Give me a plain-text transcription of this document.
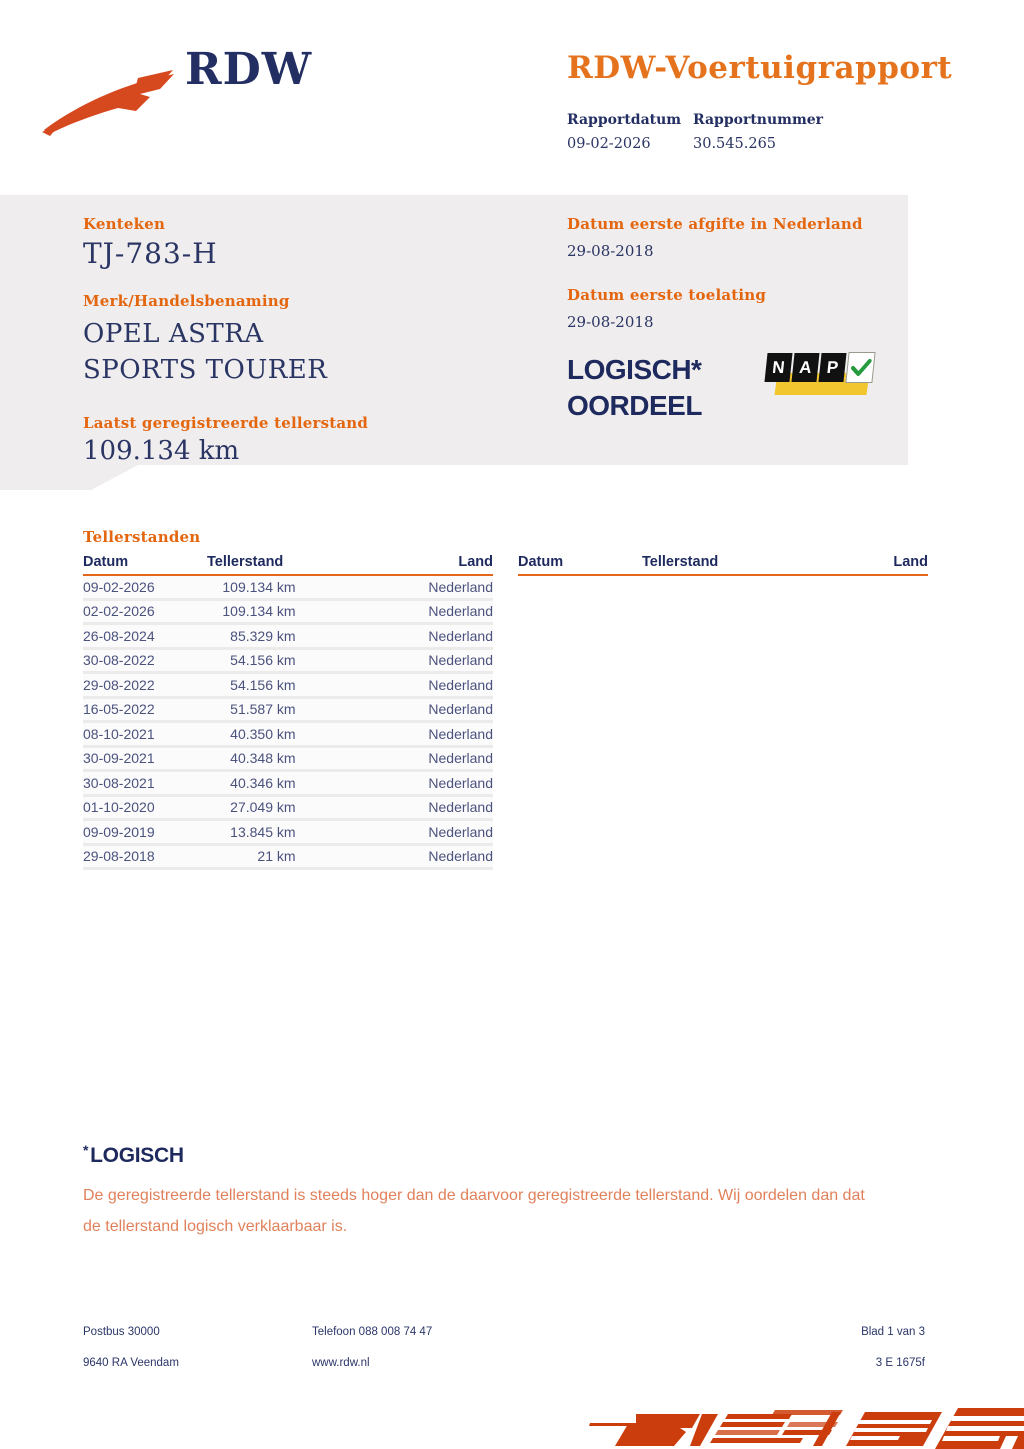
RDW	RDW-Voertuigrapport
Rapportdatum
09-02-2026
Rapportnummer
30.545.265
Kenteken
TJ-783-H
Merk/Handelsbenaming
OPEL ASTRA
SPORTS TOURER
Laatst geregistreerde tellerstand
109.134 km
Datum eerste afgifte in Nederland
29-08-2018
Datum eerste toelating
29-08-2018
LOGISCH*
OORDEEL
N A P
Tellerstanden
Datum	Tellerstand	Land
09-02-2026	109.134 km	Nederland
02-02-2026	109.134 km	Nederland
26-08-2024	85.329 km	Nederland
30-08-2022	54.156 km	Nederland
29-08-2022	54.156 km	Nederland
16-05-2022	51.587 km	Nederland
08-10-2021	40.350 km	Nederland
30-09-2021	40.348 km	Nederland
30-08-2021	40.346 km	Nederland
01-10-2020	27.049 km	Nederland
09-09-2019	13.845 km	Nederland
29-08-2018	21 km	Nederland
Datum	Tellerstand	Land
*LOGISCH
De geregistreerde tellerstand is steeds hoger dan de daarvoor geregistreerde tellerstand. Wij oordelen dan dat de tellerstand logisch verklaarbaar is.
Postbus 30000	Telefoon 088 008 74 47	Blad 1 van 3
9640 RA Veendam	www.rdw.nl	3 E 1675f
